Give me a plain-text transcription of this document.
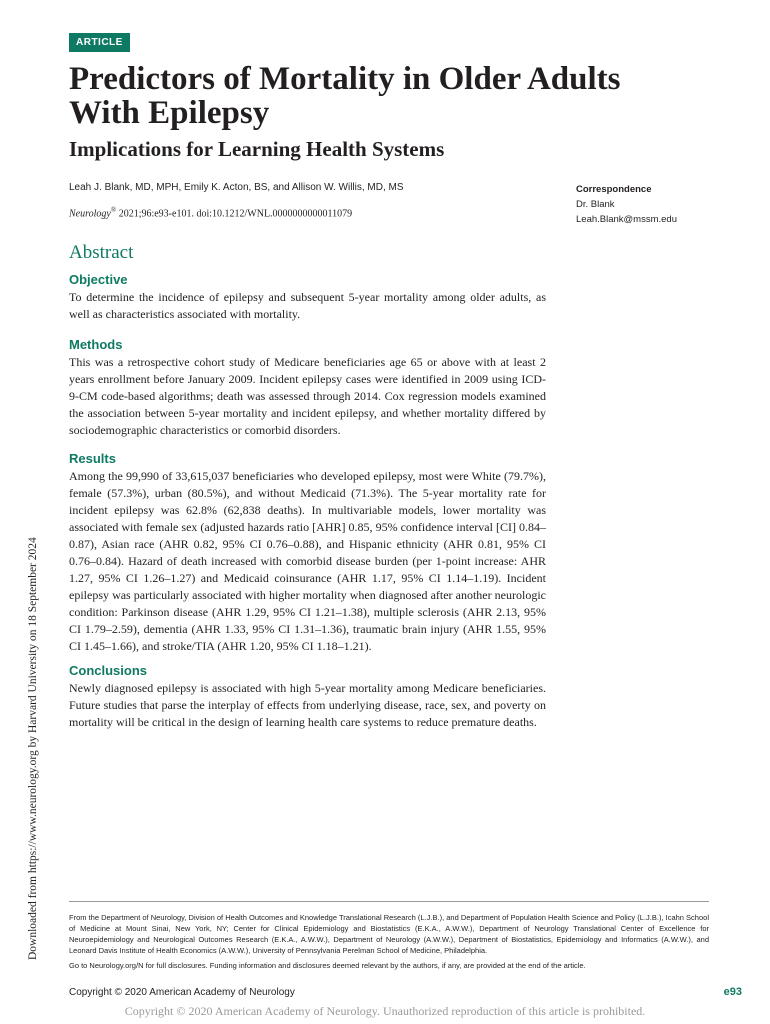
ARTICLE
Predictors of Mortality in Older Adults With Epilepsy
Implications for Learning Health Systems
Leah J. Blank, MD, MPH, Emily K. Acton, BS, and Allison W. Willis, MD, MS
Neurology® 2021;96:e93-e101. doi:10.1212/WNL.0000000000011079
Correspondence
Dr. Blank
Leah.Blank@mssm.edu
Abstract
Objective

To determine the incidence of epilepsy and subsequent 5-year mortality among older adults, as well as characteristics associated with mortality.

Methods

This was a retrospective cohort study of Medicare beneficiaries age 65 or above with at least 2 years enrollment before January 2009. Incident epilepsy cases were identified in 2009 using ICD-9-CM code-based algorithms; death was assessed through 2014. Cox regression models examined the association between 5-year mortality and incident epilepsy, and whether mortality differed by sociodemographic characteristics or comorbid disorders.

Results

Among the 99,990 of 33,615,037 beneficiaries who developed epilepsy, most were White (79.7%), female (57.3%), urban (80.5%), and without Medicaid (71.3%). The 5-year mortality rate for incident epilepsy was 62.8% (62,838 deaths). In multivariable models, lower mortality was associated with female sex (adjusted hazards ratio [AHR] 0.85, 95% confidence interval [CI] 0.84–0.87), Asian race (AHR 0.82, 95% CI 0.76–0.88), and Hispanic ethnicity (AHR 0.81, 95% CI 0.76–0.84). Hazard of death increased with comorbid disease burden (per 1-point increase: AHR 1.27, 95% CI 1.26–1.27) and Medicaid coinsurance (AHR 1.17, 95% CI 1.14–1.19). Incident epilepsy was particularly associated with higher mortality when diagnosed after another neurologic condition: Parkinson disease (AHR 1.29, 95% CI 1.21–1.38), multiple sclerosis (AHR 2.13, 95% CI 1.79–2.59), dementia (AHR 1.33, 95% CI 1.31–1.36), traumatic brain injury (AHR 1.55, 95% CI 1.45–1.66), and stroke/TIA (AHR 1.20, 95% CI 1.18–1.21).

Conclusions

Newly diagnosed epilepsy is associated with high 5-year mortality among Medicare beneficiaries. Future studies that parse the interplay of effects from underlying disease, race, sex, and poverty on mortality will be critical in the design of learning health care systems to reduce premature deaths.

Downloaded from https://www.neurology.org by Harvard University on 18 September 2024	From the Department of Neurology, Division of Health Outcomes and Knowledge Translational Research (L.J.B.), and Department of Population Health Science and Policy (L.J.B.), Icahn School of Medicine at Mount Sinai, New York, NY; Center for Clinical Epidemiology and Biostatistics (E.K.A., A.W.W.), Department of Neurology Translational Center of Excellence for Neuroepidemiology and Neurological Outcomes Research (E.K.A., A.W.W.), Department of Neurology (A.W.W.), Department of Biostatistics, Epidemiology and Informatics (A.W.W.), and Leonard Davis Institute of Health Economics (A.W.W.), University of Pennsylvania Perelman School of Medicine, Philadelphia.
Go to Neurology.org/N for full disclosures. Funding information and disclosures deemed relevant by the authors, if any, are provided at the end of the article.
Copyright © 2020 American Academy of Neurology	e93
Copyright © 2020 American Academy of Neurology. Unauthorized reproduction of this article is prohibited.
